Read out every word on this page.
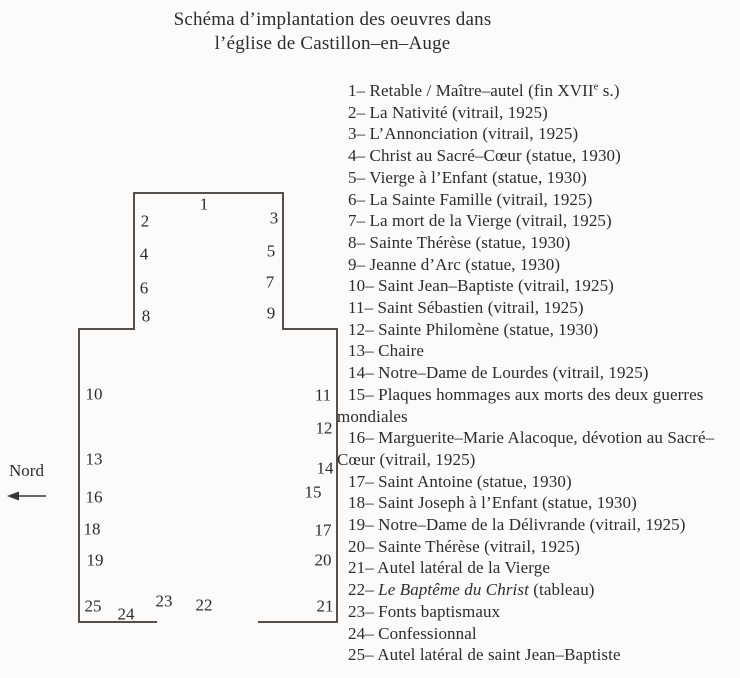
Schéma d’implantation des oeuvres dans
l’église de Castillon–en–Auge
1
2	3
4	5
6	7
8	9
10	11
12
13	14
15
16
17
18
19	20
21
22
23
24
25
Nord
1– Retable / Maître–autel (fin XVIIe s.)
2– La Nativité (vitrail, 1925)
3– L’Annonciation (vitrail, 1925)
4– Christ au Sacré–Cœur (statue, 1930)
5– Vierge à l’Enfant (statue, 1930)
6– La Sainte Famille (vitrail, 1925)
7– La mort de la Vierge (vitrail, 1925)
8– Sainte Thérèse (statue, 1930)
9– Jeanne d’Arc (statue, 1930)
10– Saint Jean–Baptiste (vitrail, 1925)
11– Saint Sébastien (vitrail, 1925)
12– Sainte Philomène (statue, 1930)
13– Chaire
14– Notre–Dame de Lourdes (vitrail, 1925)
15– Plaques hommages aux morts des deux guerres mondiales
16– Marguerite–Marie Alacoque, dévotion au Sacré–Cœur (vitrail, 1925)
17– Saint Antoine (statue, 1930)
18– Saint Joseph à l’Enfant (statue, 1930)
19– Notre–Dame de la Délivrande (vitrail, 1925)
20– Sainte Thérèse (vitrail, 1925)
21– Autel latéral de la Vierge
22– Le Baptême du Christ (tableau)
23– Fonts baptismaux
24– Confessionnal
25– Autel latéral de saint Jean–Baptiste
